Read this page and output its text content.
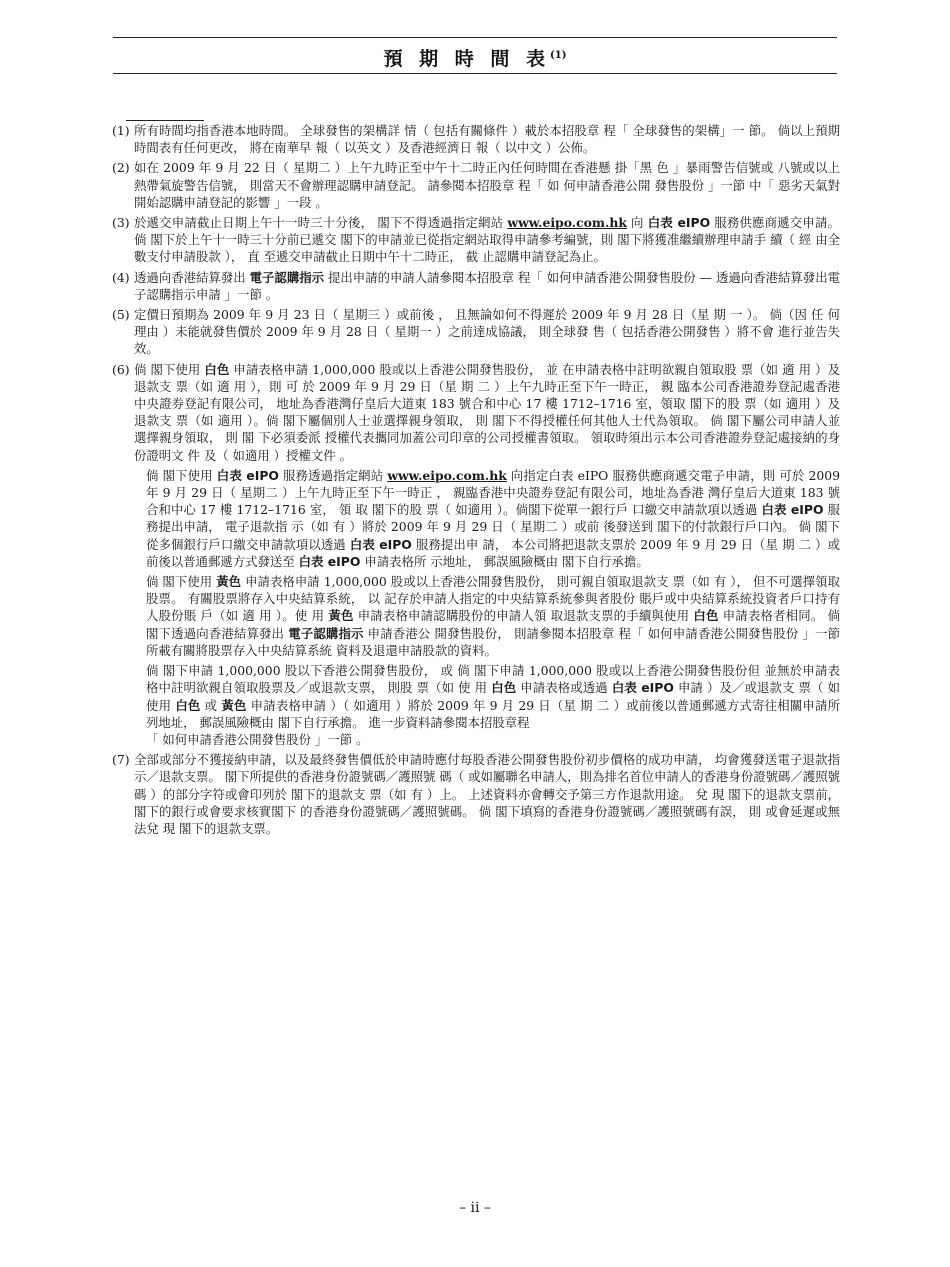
預 期 時 間 表$^{(1)}$
(1) 所有時間均指香港本地時間。 全球發售的架構詳 情（ 包括有關條件 ）載於本招股章 程「 全球發售的架構」一 節。 倘以上預期時間表有任何更改， 將在南華早 報（ 以英文 ）及香港經濟日 報（ 以中文 ）公佈。
(2) 如在 2009 年 9 月 22 日（ 星期二 ）上午九時正至中午十二時正內任何時間在香港懸 掛「黑 色 」暴雨警告信號或 八號或以上熱帶氣旋警告信號， 則當天不會辦理認購申請登記。 請參閱本招股章 程「 如 何申請香港公開 發售股份 」一節 中「 惡劣天氣對開始認購申請登記的影響 」一段 。
(3) 於遞交申請截止日期上午十一時三十分後， 閣下不得透過指定網站 www.eipo.com.hk 向 白表 eIPO 服務供應商遞交申請。倘 閣下於上午十一時三十分前已遞交 閣下的申請並已從指定網站取得申請參考編號，則 閣下將獲准繼續辦理申請手 續（ 經 由全數支付申請股款 ）， 直 至遞交申請截止日期中午十二時正， 截 止認購申請登記為止。
(4) 透過向香港結算發出 電子認購指示 提出申請的申請人請參閱本招股章 程「 如何申請香港公開發售股份 — 透過向香港結算發出電子認購指示申請 」一節 。
(5) 定價日預期為 2009 年 9 月 23 日（ 星期三 ）或前後 ， 且無論如何不得遲於 2009 年 9 月 28 日（星 期 一 ）。 倘（因 任 何理由 ）未能就發售價於 2009 年 9 月 28 日（ 星期一 ）之前達成協議， 則全球發 售（ 包括香港公開發售 ）將不會 進行並告失效。
(6) 倘 閣下使用 白色 申請表格申請 1,000,000 股或以上香港公開發售股份， 並 在申請表格中註明欲親自領取股 票（如 適 用 ）及退款支 票（如 適 用 ），則 可 於 2009 年 9 月 29 日（星 期 二 ）上午九時正至下午一時正， 親 臨本公司香港證券登記處香港中央證券登記有限公司， 地址為香港灣仔皇后大道東 183 號合和中心 17 樓 1712–1716 室，領取 閣下的股 票（如 適用 ）及退款支 票（如 適用 ）。倘 閣下屬個別人士並選擇親身領取， 則 閣下不得授權任何其他人士代為領取。 倘 閣下屬公司申請人並選擇親身領取， 則 閣 下必須委派 授權代表攜同加蓋公司印章的公司授權書領取。 領取時須出示本公司香港證券登記處接納的身份證明文 件 及（ 如適用 ）授權文件 。

倘 閣下使用 白表 eIPO 服務透過指定網站 www.eipo.com.hk 向指定白表 eIPO 服務供應商遞交電子申請，則 可於 2009 年 9 月 29 日（ 星期二 ）上午九時正至下午一時正 ， 親臨香港中央證券登記有限公司，地址為香港 灣仔皇后大道東 183 號合和中心 17 樓 1712–1716 室， 領 取 閣下的股 票（ 如適用 ）。倘閣下從單一銀行戶 口繳交申請款項以透過 白表 eIPO 服務提出申請， 電子退款指 示（如 有 ）將於 2009 年 9 月 29 日（ 星期二 ）或前 後發送到 閣下的付款銀行戶口內。 倘 閣下從多個銀行戶口繳交申請款項以透過 白表 eIPO 服務提出申 請， 本公司將把退款支票於 2009 年 9 月 29 日（星 期 二 ）或前後以普通郵遞方式發送至 白表 eIPO 申請表格所 示地址， 郵誤風險概由 閣下自行承擔。

倘 閣下使用 黃色 申請表格申請 1,000,000 股或以上香港公開發售股份， 則可親自領取退款支 票（如 有 ）， 但不可選擇領取股票。 有關股票將存入中央結算系統， 以 記存於申請人指定的中央結算系統參與者股份 賬戶或中央結算系統投資者戶口持有人股份賬 戶（如 適 用 ）。使 用 黃色 申請表格申請認購股份的申請人領 取退款支票的手續與使用 白色 申請表格者相同。 倘 閣下透過向香港結算發出 電子認購指示 申請香港公 開發售股份， 則請參閱本招股章 程「 如何申請香港公開發售股份 」一節所載有關將股票存入中央結算系統 資料及退還申請股款的資料。

倘 閣下申請 1,000,000 股以下香港公開發售股份， 或 倘 閣下申請 1,000,000 股或以上香港公開發售股份但 並無於申請表格中註明欲親自領取股票及／或退款支票， 則股 票（如 使 用 白色 申請表格或透過 白表 eIPO 申請 ）及／或退款支 票（ 如使用 白色 或 黃色 申請表格申請 ）（ 如適用 ）將於 2009 年 9 月 29 日（星 期 二 ）或前後以普通郵遞方式寄往相關申請所列地址， 郵誤風險概由 閣下自行承擔。 進一步資料請參閱本招股章程
「 如何申請香港公開發售股份 」一節 。

(7) 全部或部分不獲接納申請，以及最終發售價低於申請時應付每股香港公開發售股份初步價格的成功申請， 均會獲發送電子退款指示／退款支票。 閣下所提供的香港身份證號碼／護照號 碼（ 或如屬聯名申請人，則為排名首位申請人的香港身份證號碼／護照號碼 ）的部分字符或會印列於 閣下的退款支 票（如 有 ）上。 上述資料亦會轉交予第三方作退款用途。 兌 現 閣下的退款支票前， 閣下的銀行或會要求核實閣下 的香港身份證號碼／護照號碼。 倘 閣下填寫的香港身份證號碼／護照號碼有誤， 則 或會延遲或無法兌 現 閣下的退款支票。
– ii –
